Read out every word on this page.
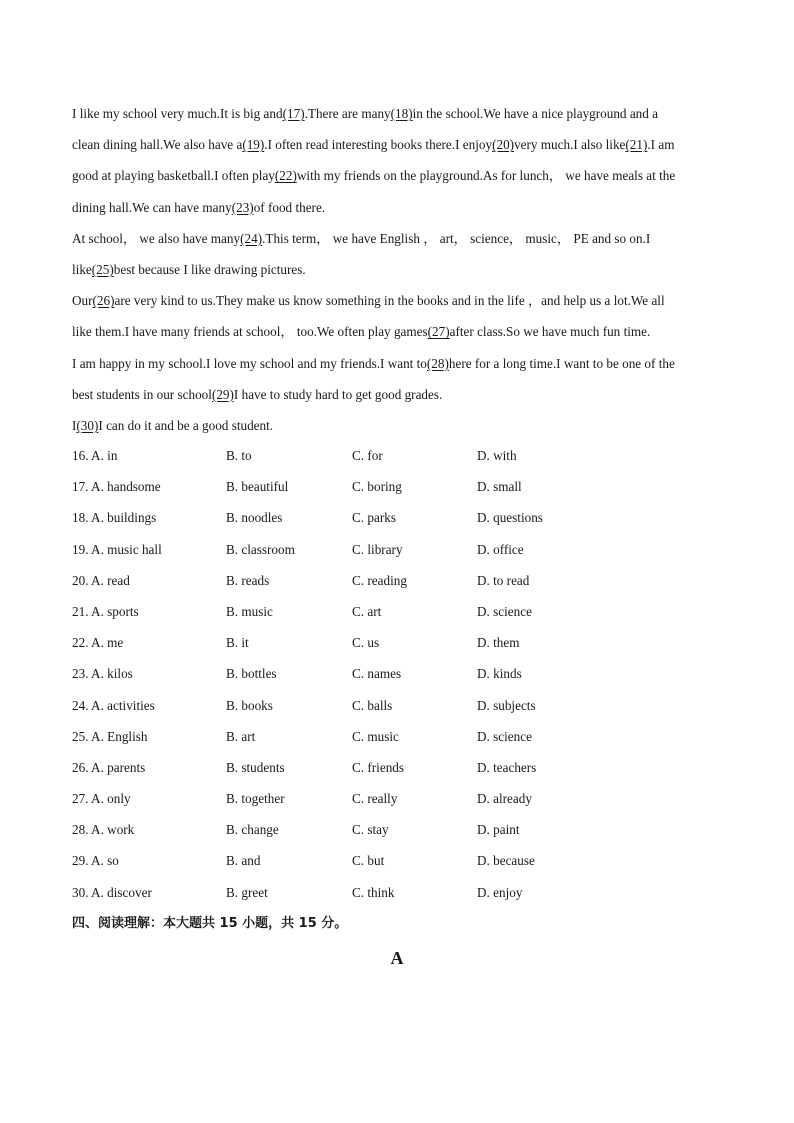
I like my school very much.It is big and(17).There are many(18)in the school.We have a nice playground and a
clean dining hall.We also have a(19).I often read interesting books there.I enjoy(20)very much.I also like(21).I am
good at playing basketball.I often play(22)with my friends on the playground.As for lunch， we have meals at the
dining hall.We can have many(23)of food there.
At school， we also have many(24).This term， we have English ， art， science， music， PE and so on.I
like(25)best because I like drawing pictures.
Our(26)are very kind to us.They make us know something in the books and in the life ，and help us a lot.We all
like them.I have many friends at school， too.We often play games(27)after class.So we have much fun time.
I am happy in my school.I love my school and my friends.I want to(28)here for a long time.I want to be one of the
best students in our school(29)I have to study hard to get good grades.
I(30)I can do it and be a good student.
16. A. in	B. to	C. for	D. with
17. A. handsome	B. beautiful	C. boring	D. small
18. A. buildings	B. noodles	C. parks	D. questions
19. A. music hall	B. classroom	C. library	D. office
20. A. read	B. reads	C. reading	D. to read
21. A. sports	B. music	C. art	D. science
22. A. me	B. it	C. us	D. them
23. A. kilos	B. bottles	C. names	D. kinds
24. A. activities	B. books	C. balls	D. subjects
25. A. English	B. art	C. music	D. science
26. A. parents	B. students	C. friends	D. teachers
27. A. only	B. together	C. really	D. already
28. A. work	B. change	C. stay	D. paint
29. A. so	B. and	C. but	D. because
30. A. discover	B. greet	C. think	D. enjoy
四、阅读理解：本大题共 15 小题，共 15 分。
A
